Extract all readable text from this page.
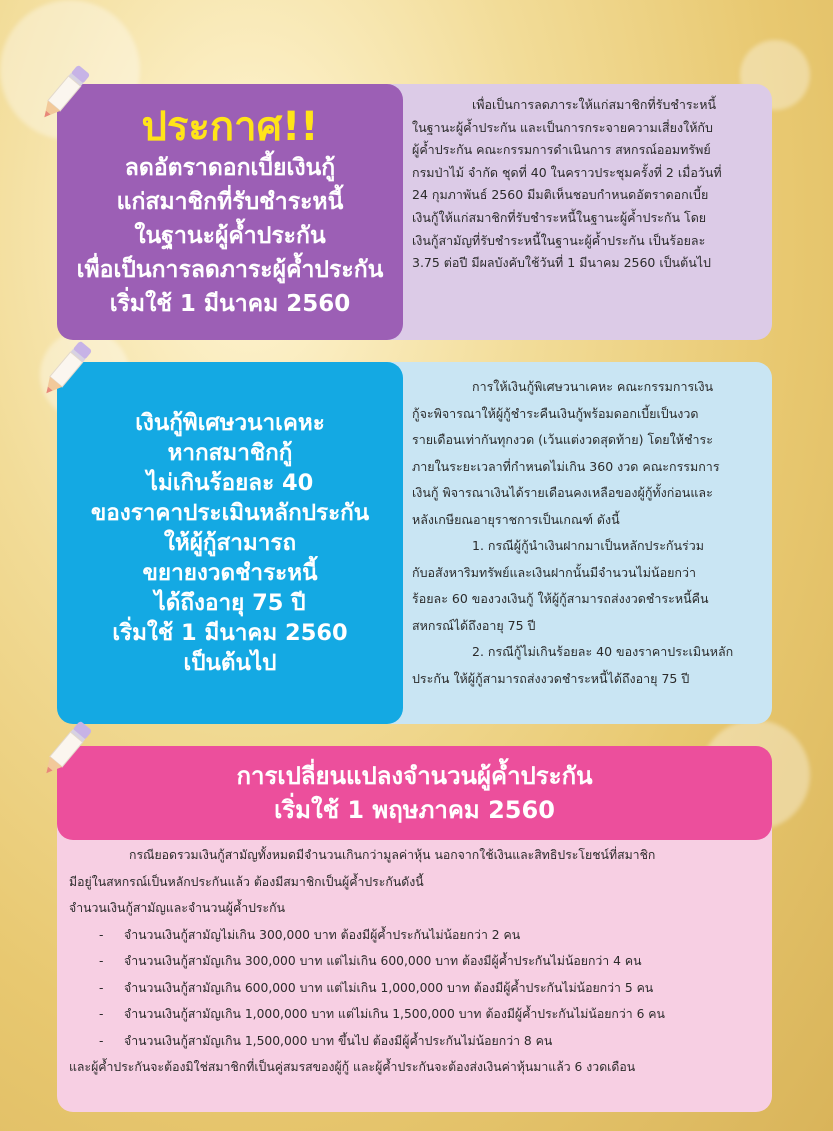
เพื่อเป็นการลดภาระให้แก่สมาชิกที่รับชำระหนี้

ในฐานะผู้ค้ำประกัน และเป็นการกระจายความเสี่ยงให้กับ

ผู้ค้ำประกัน คณะกรรมการดำเนินการ สหกรณ์ออมทรัพย์

กรมป่าไม้ จำกัด ชุดที่ 40 ในคราวประชุมครั้งที่ 2 เมื่อวันที่

24 กุมภาพันธ์ 2560 มีมติเห็นชอบกำหนดอัตราดอกเบี้ย

เงินกู้ให้แก่สมาชิกที่รับชำระหนี้ในฐานะผู้ค้ำประกัน โดย

เงินกู้สามัญที่รับชำระหนี้ในฐานะผู้ค้ำประกัน เป็นร้อยละ

3.75 ต่อปี มีผลบังคับใช้วันที่ 1 มีนาคม 2560 เป็นต้นไป

ประกาศ!!
ลดอัตราดอกเบี้ยเงินกู้
แก่สมาชิกที่รับชำระหนี้
ในฐานะผู้ค้ำประกัน
เพื่อเป็นการลดภาระผู้ค้ำประกัน
เริ่มใช้ 1 มีนาคม 2560

การให้เงินกู้พิเศษวนาเคหะ คณะกรรมการเงิน

กู้จะพิจารณาให้ผู้กู้ชำระคืนเงินกู้พร้อมดอกเบี้ยเป็นงวด

รายเดือนเท่ากันทุกงวด (เว้นแต่งวดสุดท้าย) โดยให้ชำระ

ภายในระยะเวลาที่กำหนดไม่เกิน 360 งวด คณะกรรมการ

เงินกู้ พิจารณาเงินได้รายเดือนคงเหลือของผู้กู้ทั้งก่อนและ

หลังเกษียณอายุราชการเป็นเกณฑ์ ดังนี้

1. กรณีผู้กู้นำเงินฝากมาเป็นหลักประกันร่วม

กับอสังหาริมทรัพย์และเงินฝากนั้นมีจำนวนไม่น้อยกว่า

ร้อยละ 60 ของวงเงินกู้ ให้ผู้กู้สามารถส่งงวดชำระหนี้คืน

สหกรณ์ได้ถึงอายุ 75 ปี

2. กรณีกู้ไม่เกินร้อยละ 40 ของราคาประเมินหลัก

ประกัน ให้ผู้กู้สามารถส่งงวดชำระหนี้ได้ถึงอายุ 75 ปี

เงินกู้พิเศษวนาเคหะ
หากสมาชิกกู้
ไม่เกินร้อยละ 40
ของราคาประเมินหลักประกัน
ให้ผู้กู้สามารถ
ขยายงวดชำระหนี้
ได้ถึงอายุ 75 ปี
เริ่มใช้ 1 มีนาคม 2560
เป็นต้นไป
กรณียอดรวมเงินกู้สามัญทั้งหมดมีจำนวนเกินกว่ามูลค่าหุ้น นอกจากใช้เงินและสิทธิประโยชน์ที่สมาชิก
มีอยู่ในสหกรณ์เป็นหลักประกันแล้ว ต้องมีสมาชิกเป็นผู้ค้ำประกันดังนี้
จำนวนเงินกู้สามัญและจำนวนผู้ค้ำประกัน
- จำนวนเงินกู้สามัญไม่เกิน 300,000 บาท ต้องมีผู้ค้ำประกันไม่น้อยกว่า 2 คน
- จำนวนเงินกู้สามัญเกิน 300,000 บาท แต่ไม่เกิน 600,000 บาท ต้องมีผู้ค้ำประกันไม่น้อยกว่า 4 คน
- จำนวนเงินกู้สามัญเกิน 600,000 บาท แต่ไม่เกิน 1,000,000 บาท ต้องมีผู้ค้ำประกันไม่น้อยกว่า 5 คน
- จำนวนเงินกู้สามัญเกิน 1,000,000 บาท แต่ไม่เกิน 1,500,000 บาท ต้องมีผู้ค้ำประกันไม่น้อยกว่า 6 คน
- จำนวนเงินกู้สามัญเกิน 1,500,000 บาท ขึ้นไป ต้องมีผู้ค้ำประกันไม่น้อยกว่า 8 คน
และผู้ค้ำประกันจะต้องมิใช่สมาชิกที่เป็นคู่สมรสของผู้กู้ และผู้ค้ำประกันจะต้องส่งเงินค่าหุ้นมาแล้ว 6 งวดเดือน
การเปลี่ยนแปลงจำนวนผู้ค้ำประกัน
เริ่มใช้ 1 พฤษภาคม 2560
